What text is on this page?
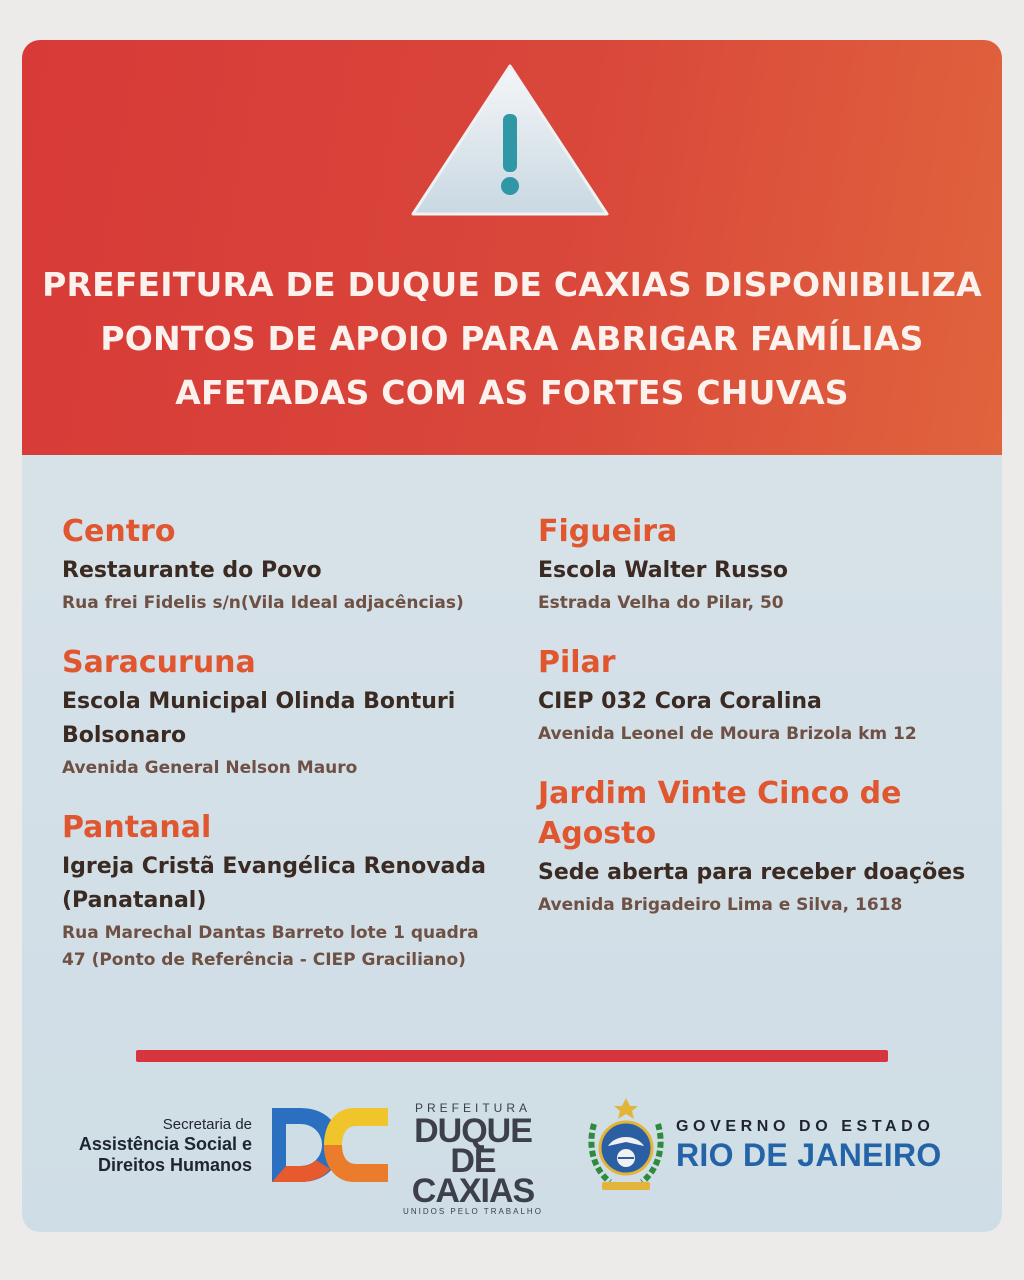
PREFEITURA DE DUQUE DE CAXIAS DISPONIBILIZA
PONTOS DE APOIO PARA ABRIGAR FAMÍLIAS
AFETADAS COM AS FORTES CHUVAS
Centro
Restaurante do Povo
Rua frei Fidelis s/n(Vila Ideal adjacências)
Saracuruna
Escola Municipal Olinda Bonturi Bolsonaro
Avenida General Nelson Mauro
Pantanal
Igreja Cristã Evangélica Renovada (Panatanal)
Rua Marechal Dantas Barreto lote 1 quadra 47 (Ponto de Referência - CIEP Graciliano)
Figueira
Escola Walter Russo
Estrada Velha do Pilar, 50
Pilar
CIEP 032 Cora Coralina
Avenida Leonel de Moura Brizola km 12
Jardim Vinte Cinco de Agosto
Sede aberta para receber doações
Avenida Brigadeiro Lima e Silva, 1618
Secretaria de
Assistência Social e
Direitos Humanos
PREFEITURA
DUQUE DE
CAXIAS
UNIDOS PELO TRABALHO
GOVERNO DO ESTADO
RIO DE JANEIRO
